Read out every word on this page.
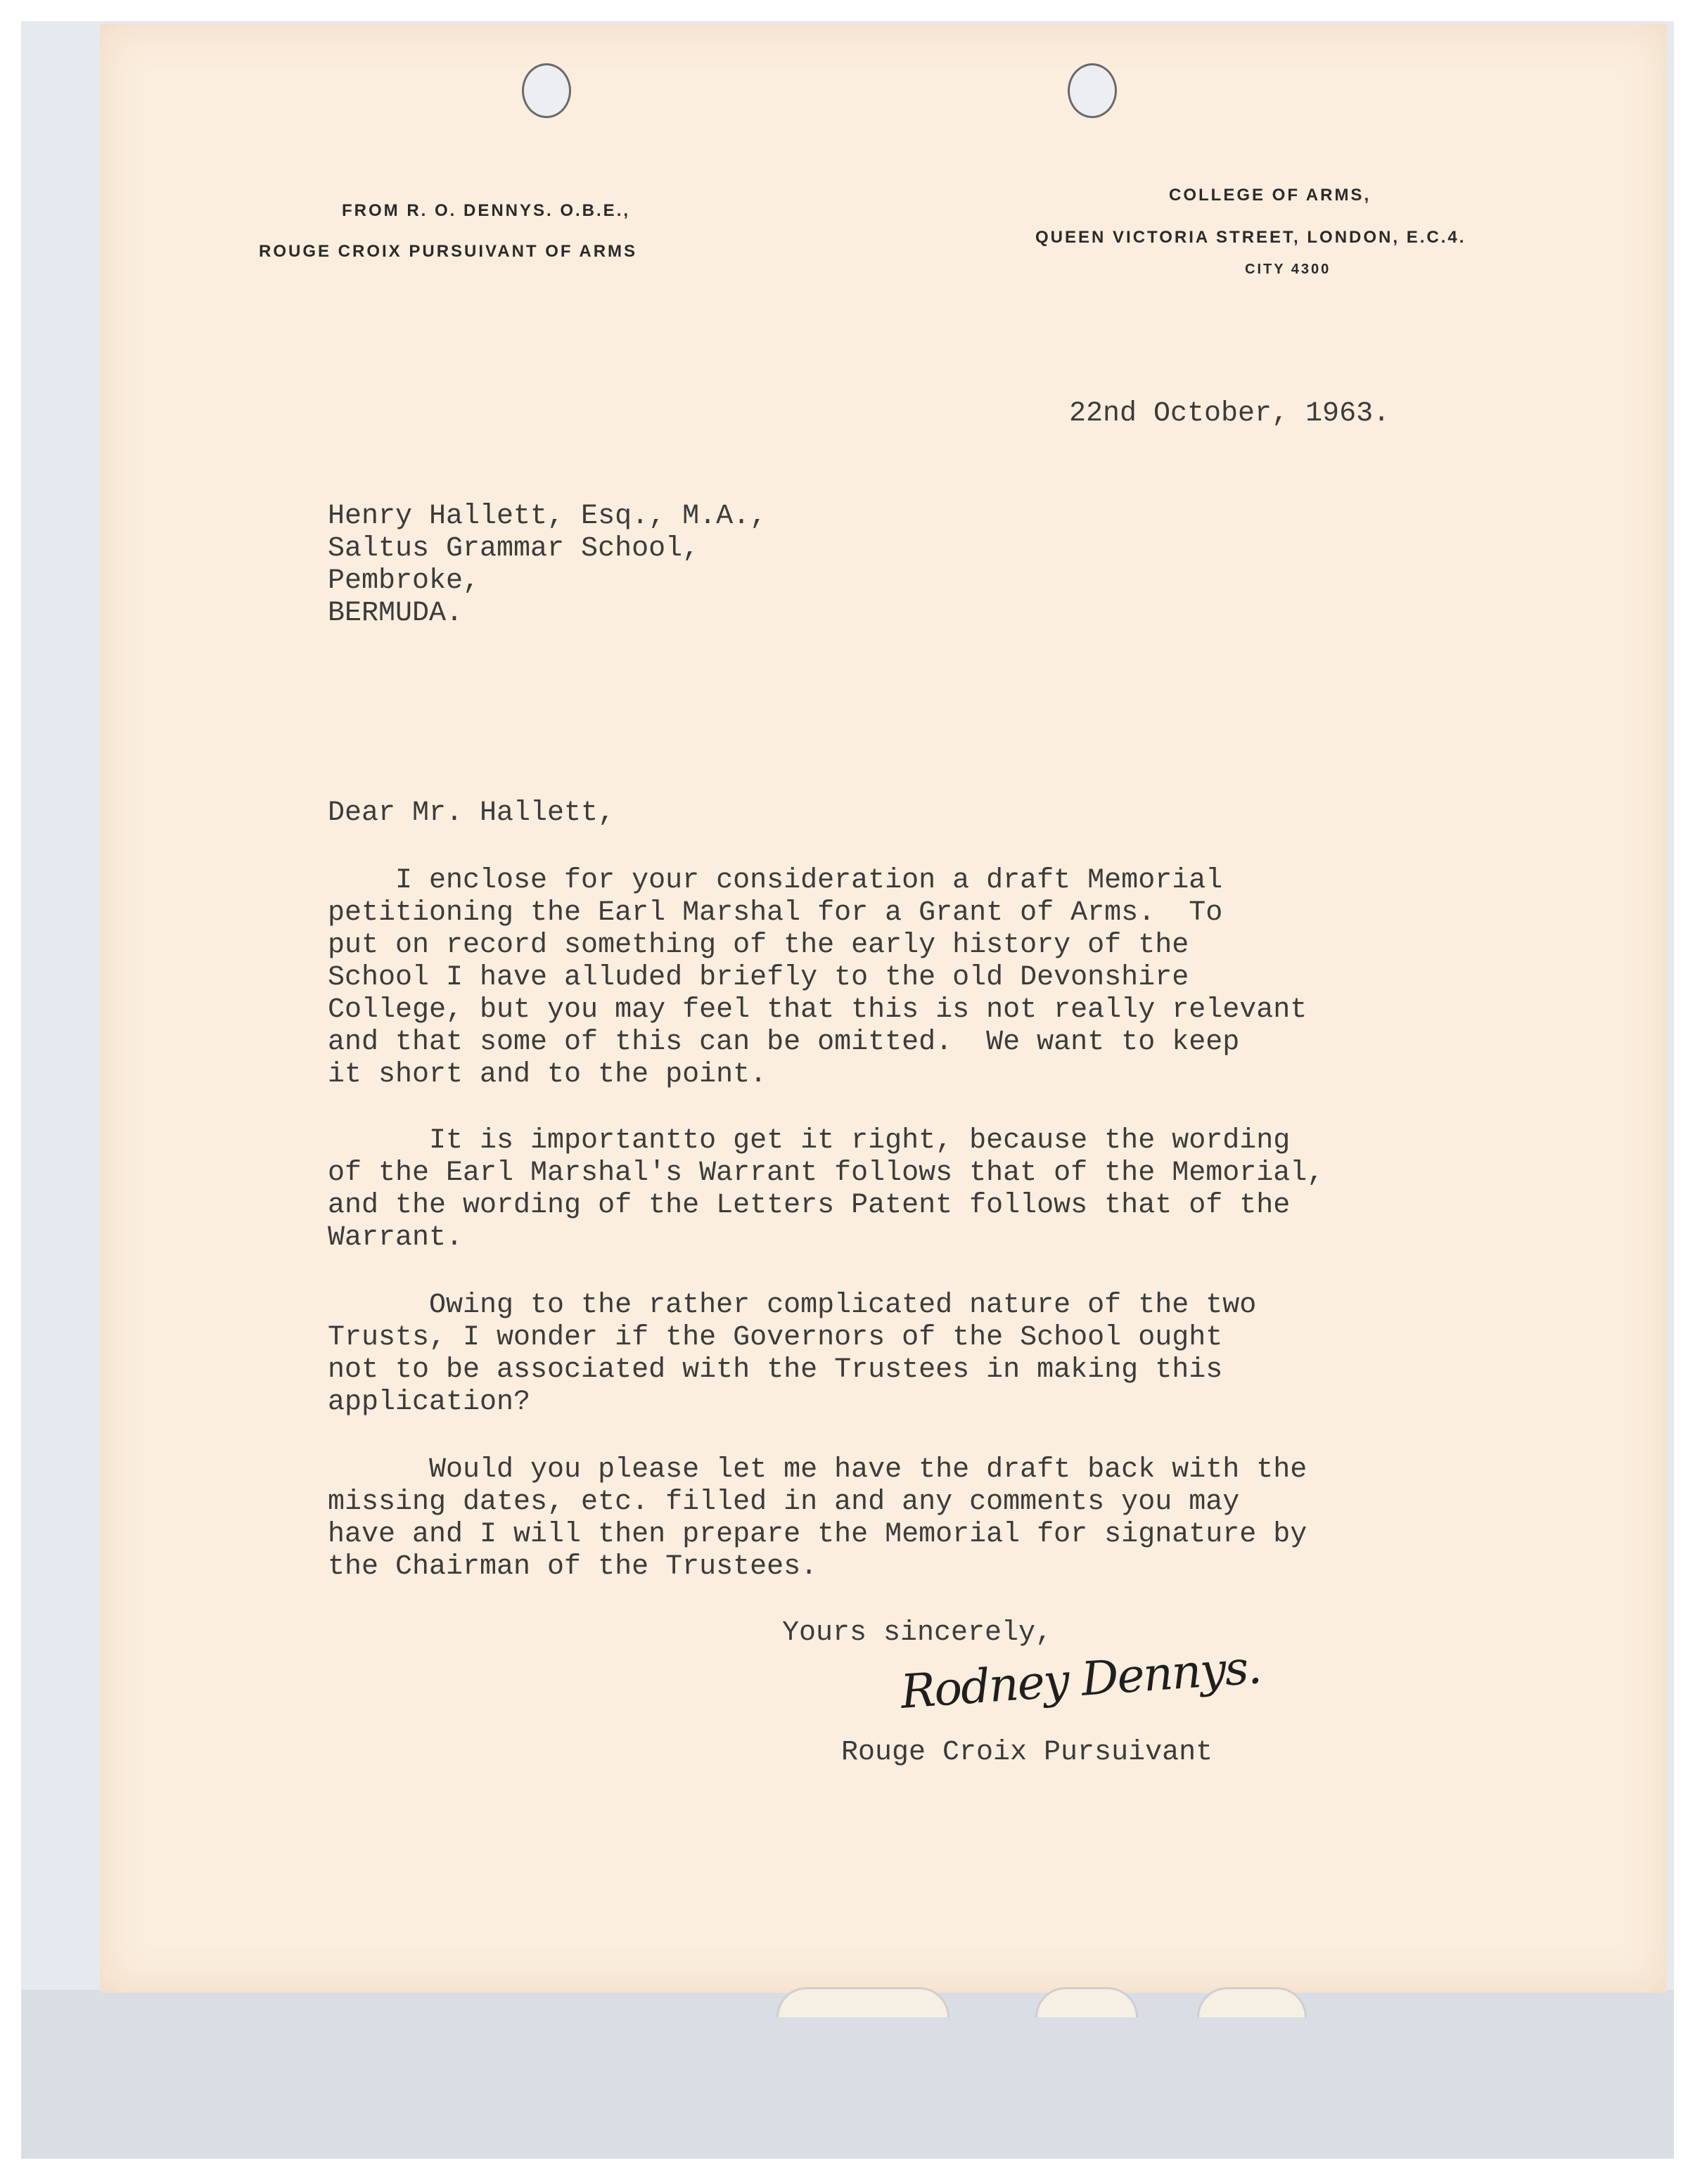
FROM R. O. DENNYS. O.B.E.,
ROUGE CROIX PURSUIVANT OF ARMS
COLLEGE OF ARMS,
QUEEN VICTORIA STREET, LONDON, E.C.4.
CITY 4300
22nd October, 1963.
Henry Hallett, Esq., M.A.,
Saltus Grammar School,
Pembroke,
BERMUDA.
Dear Mr. Hallett,
I enclose for your consideration a draft Memorial
petitioning the Earl Marshal for a Grant of Arms.  To
put on record something of the early history of the
School I have alluded briefly to the old Devonshire
College, but you may feel that this is not really relevant
and that some of this can be omitted.  We want to keep
it short and to the point.
It is importantto get it right, because the wording
of the Earl Marshal's Warrant follows that of the Memorial,
and the wording of the Letters Patent follows that of the
Warrant.
Owing to the rather complicated nature of the two
Trusts, I wonder if the Governors of the School ought
not to be associated with the Trustees in making this
application?
Would you please let me have the draft back with the
missing dates, etc. filled in and any comments you may
have and I will then prepare the Memorial for signature by
the Chairman of the Trustees.
Yours sincerely,
Rodney Dennys.
Rouge Croix Pursuivant
